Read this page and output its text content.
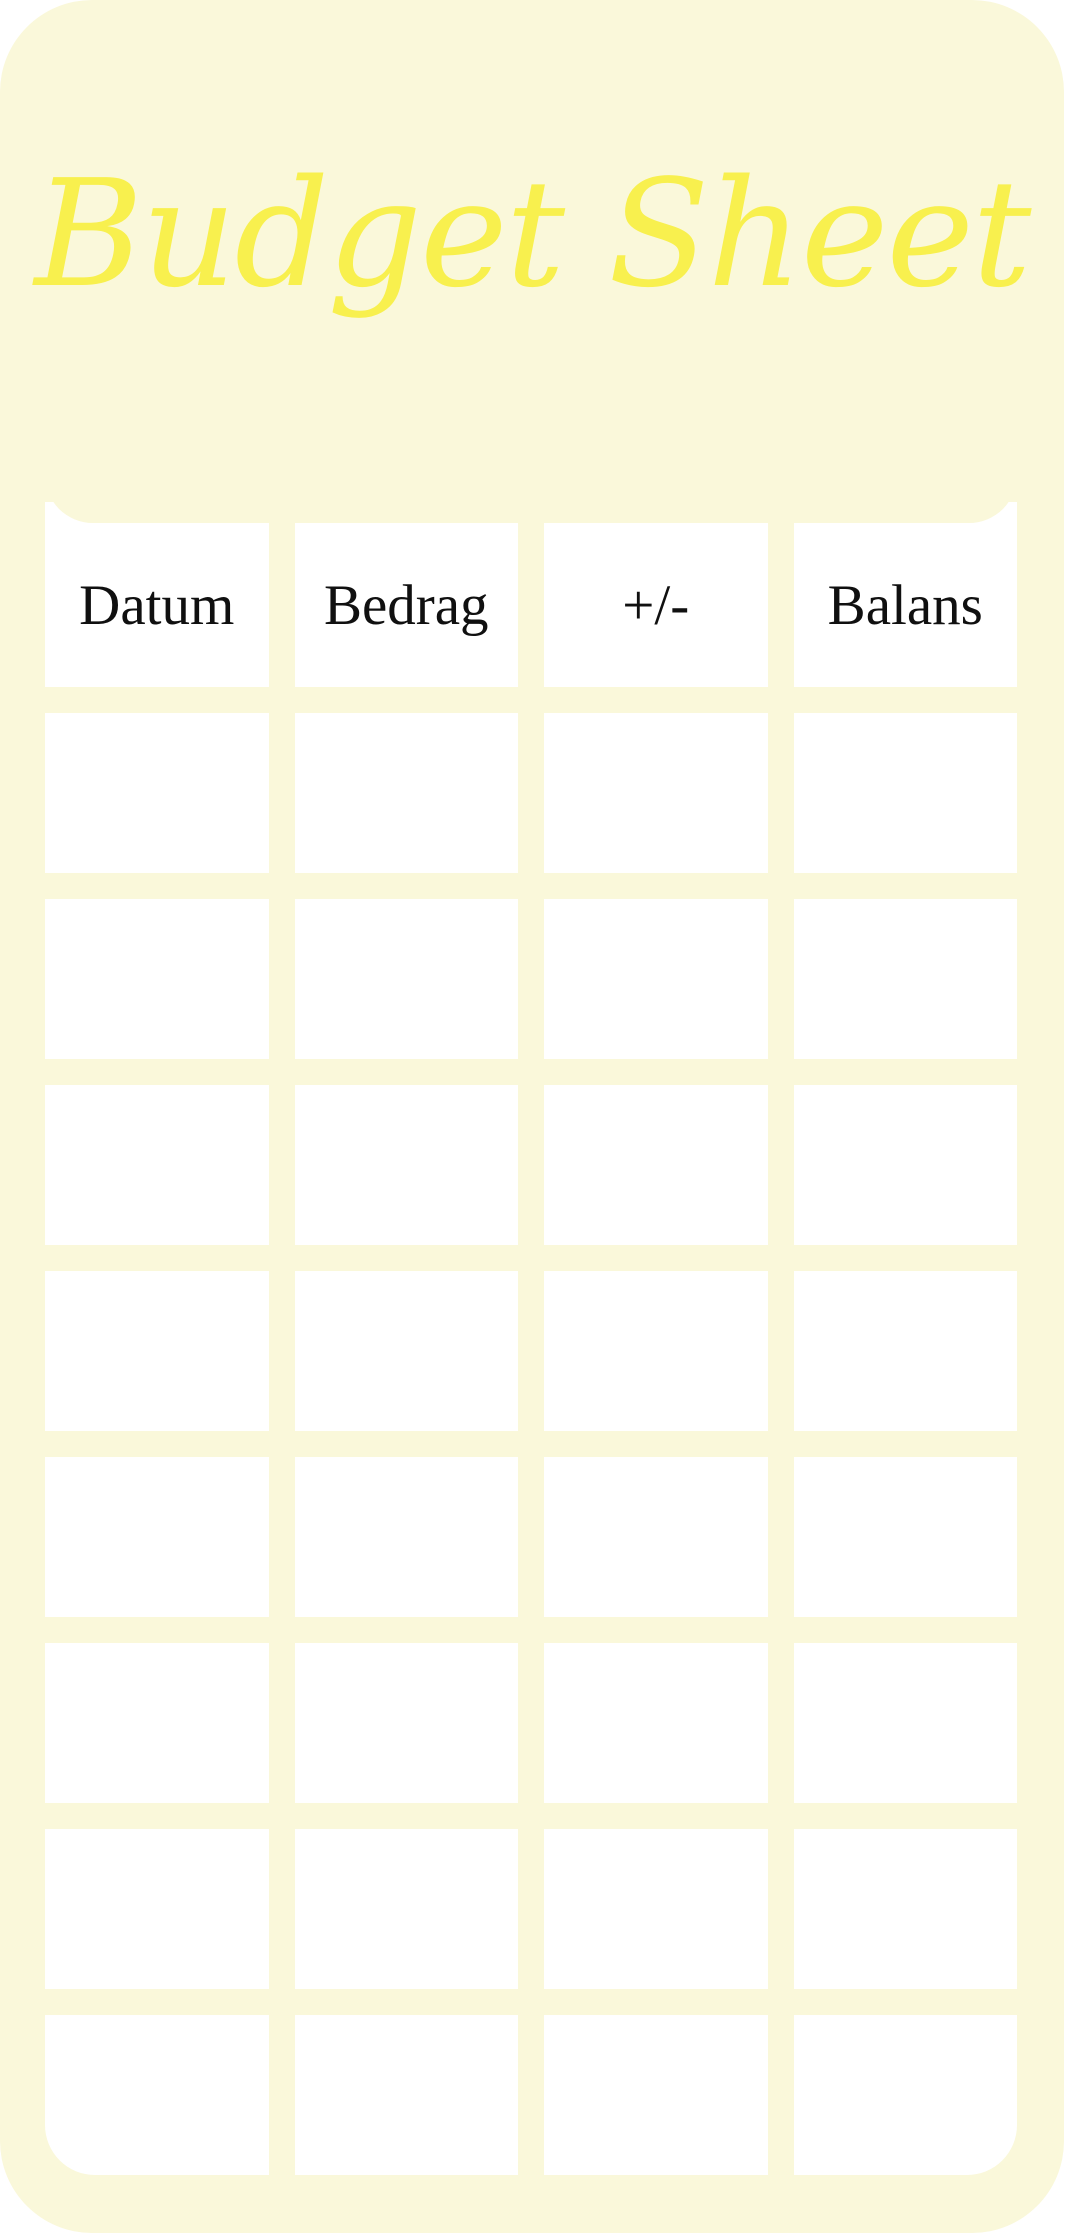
Budget Sheet
Datum	Bedrag	+/-	Balans
